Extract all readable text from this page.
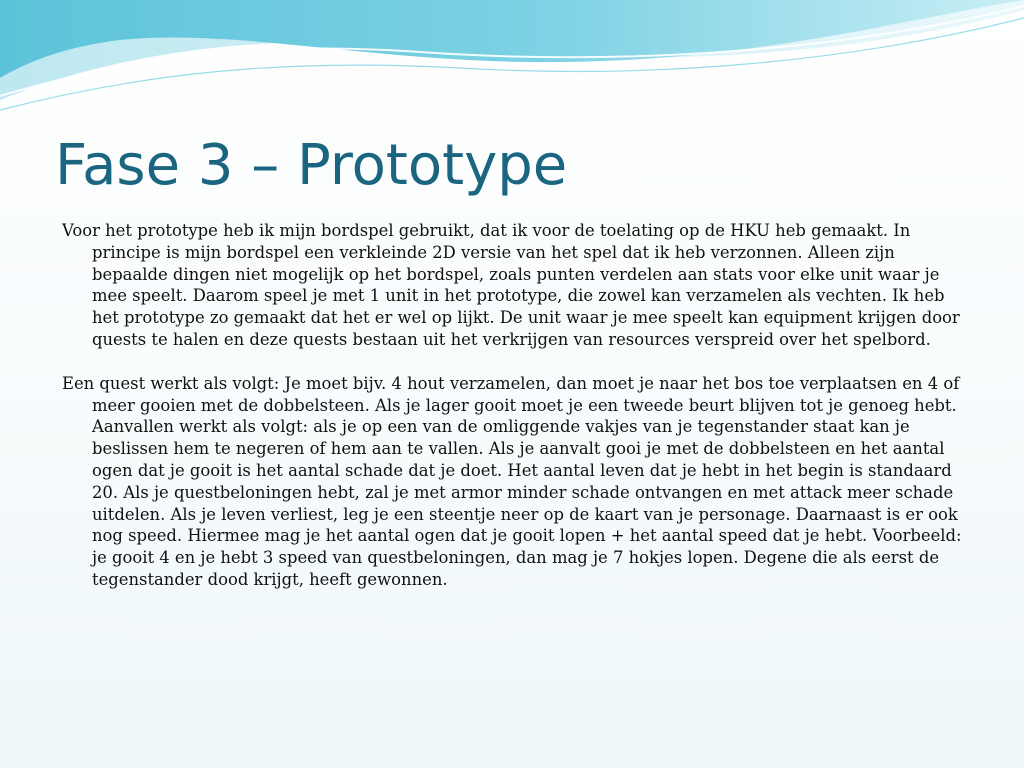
Fase 3 – Prototype

Voor het prototype heb ik mijn bordspel gebruikt, dat ik voor de toelating op de HKU heb gemaakt. In principe is mijn bordspel een verkleinde 2D versie van het spel dat ik heb verzonnen. Alleen zijn bepaalde dingen niet mogelijk op het bordspel, zoals punten verdelen aan stats voor elke unit waar je mee speelt. Daarom speel je met 1 unit in het prototype, die zowel kan verzamelen als vechten. Ik heb het prototype zo gemaakt dat het er wel op lijkt. De unit waar je mee speelt kan equipment krijgen door quests te halen en deze quests bestaan uit het verkrijgen van resources verspreid over het spelbord.

Een quest werkt als volgt: Je moet bijv. 4 hout verzamelen, dan moet je naar het bos toe verplaatsen en 4 of meer gooien met de dobbelsteen. Als je lager gooit moet je een tweede beurt blijven tot je genoeg hebt. Aanvallen werkt als volgt: als je op een van de omliggende vakjes van je tegenstander staat kan je beslissen hem te negeren of hem aan te vallen. Als je aanvalt gooi je met de dobbelsteen en het aantal ogen dat je gooit is het aantal schade dat je doet. Het aantal leven dat je hebt in het begin is standaard 20. Als je questbeloningen hebt, zal je met armor minder schade ontvangen en met attack meer schade uitdelen. Als je leven verliest, leg je een steentje neer op de kaart van je personage. Daarnaast is er ook nog speed. Hiermee mag je het aantal ogen dat je gooit lopen + het aantal speed dat je hebt. Voorbeeld: je gooit 4 en je hebt 3 speed van questbeloningen, dan mag je 7 hokjes lopen. Degene die als eerst de tegenstander dood krijgt, heeft gewonnen.
